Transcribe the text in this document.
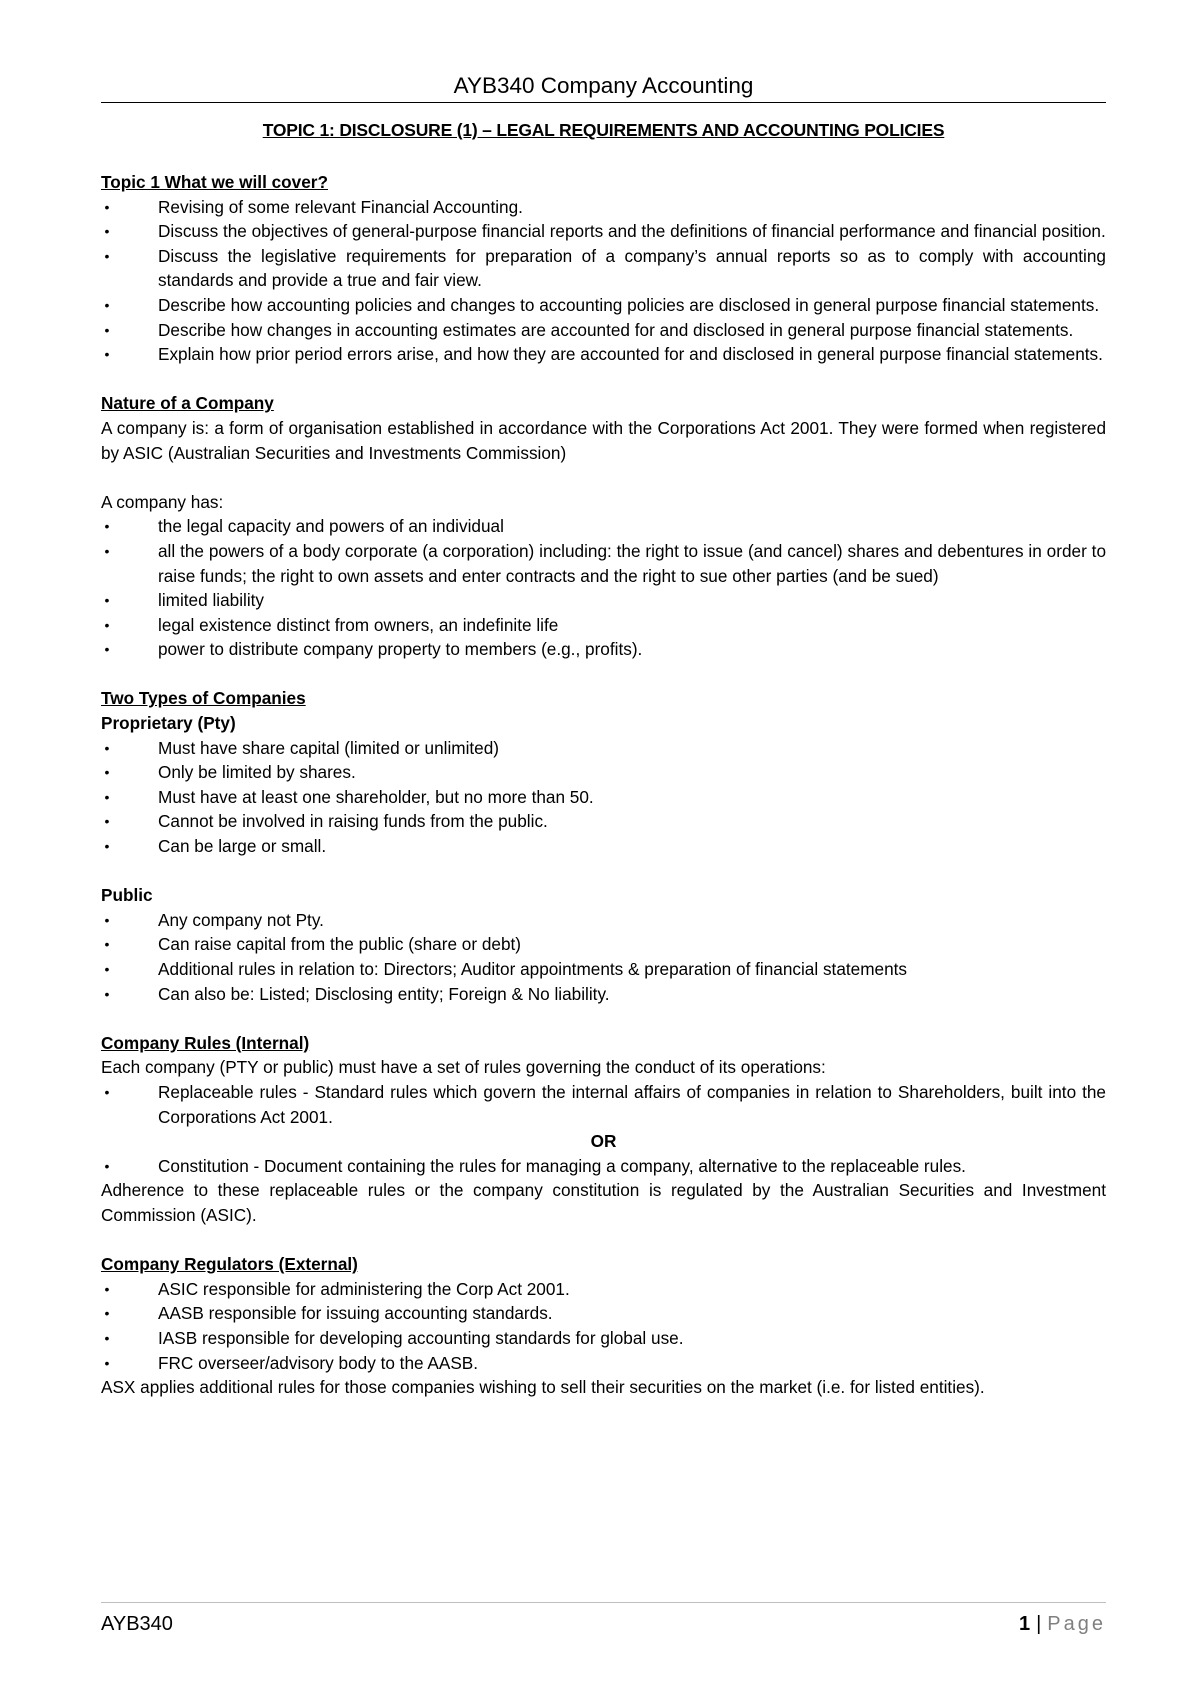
AYB340 Company Accounting
TOPIC 1: DISCLOSURE (1) – LEGAL REQUIREMENTS AND ACCOUNTING POLICIES

Topic 1 What we will cover?

•	Revising of some relevant Financial Accounting.
•	Discuss the objectives of general-purpose financial reports and the definitions of financial performance and financial position.
•	Discuss the legislative requirements for preparation of a company’s annual reports so as to comply with accounting standards and provide a true and fair view.
•	Describe how accounting policies and changes to accounting policies are disclosed in general purpose financial statements.
•	Describe how changes in accounting estimates are accounted for and disclosed in general purpose financial statements.
•	Explain how prior period errors arise, and how they are accounted for and disclosed in general purpose financial statements.

Nature of a Company

A company is: a form of organisation established in accordance with the Corporations Act 2001. They were formed when registered by ASIC (Australian Securities and Investments Commission)

A company has:

•	the legal capacity and powers of an individual
•	all the powers of a body corporate (a corporation) including: the right to issue (and cancel) shares and debentures in order to raise funds; the right to own assets and enter contracts and the right to sue other parties (and be sued)
•	limited liability
•	legal existence distinct from owners, an indefinite life
•	power to distribute company property to members (e.g., profits).

Two Types of Companies

Proprietary (Pty)

•	Must have share capital (limited or unlimited)
•	Only be limited by shares.
•	Must have at least one shareholder, but no more than 50.
•	Cannot be involved in raising funds from the public.
•	Can be large or small.

Public

•	Any company not Pty.
•	Can raise capital from the public (share or debt)
•	Additional rules in relation to: Directors; Auditor appointments & preparation of financial statements
•	Can also be: Listed; Disclosing entity; Foreign & No liability.

Company Rules (Internal)

Each company (PTY or public) must have a set of rules governing the conduct of its operations:

•	Replaceable rules - Standard rules which govern the internal affairs of companies in relation to Shareholders, built into the Corporations Act 2001.

OR

•	Constitution - Document containing the rules for managing a company, alternative to the replaceable rules.

Adherence to these replaceable rules or the company constitution is regulated by the Australian Securities and Investment Commission (ASIC).

Company Regulators (External)

•	ASIC responsible for administering the Corp Act 2001.
•	AASB responsible for issuing accounting standards.
•	IASB responsible for developing accounting standards for global use.
•	FRC overseer/advisory body to the AASB.

ASX applies additional rules for those companies wishing to sell their securities on the market (i.e. for listed entities).

AYB340	1 | Page
